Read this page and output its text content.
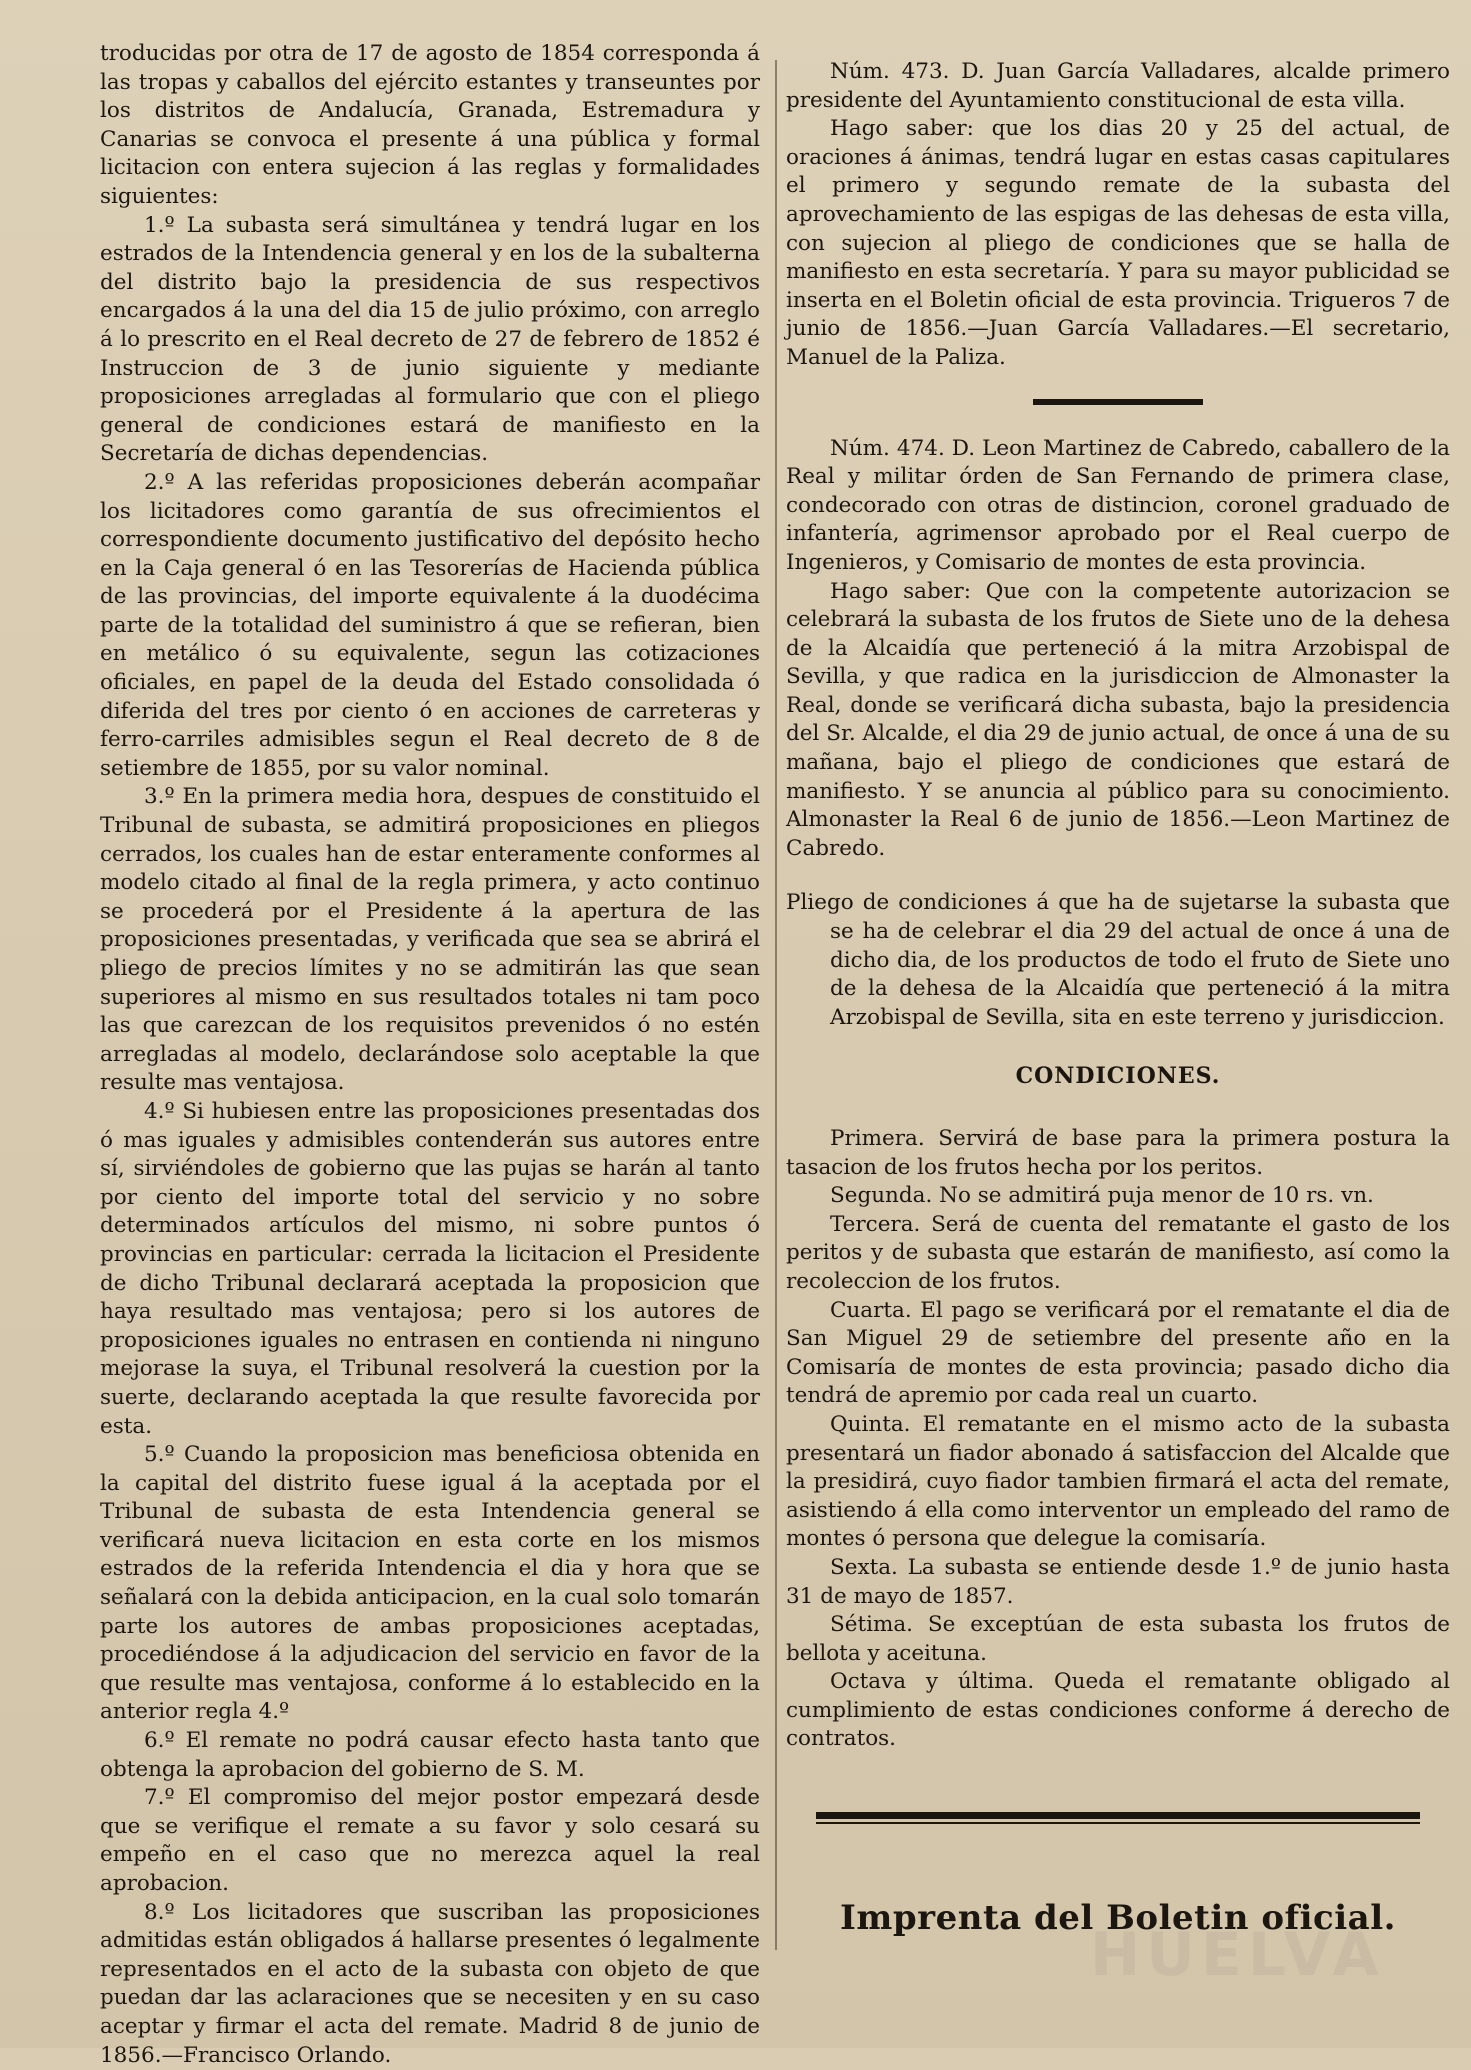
troducidas por otra de 17 de agosto de 1854 corresponda á las tropas y caballos del ejército estantes y transeuntes por los distritos de Andalucía, Granada, Estremadura y Canarias se convoca el presente á una pública y formal licitacion con entera sujecion á las reglas y formalidades siguientes:

1.º La subasta será simultánea y tendrá lugar en los estrados de la Intendencia general y en los de la subalterna del distrito bajo la presidencia de sus respectivos encargados á la una del dia 15 de julio próximo, con arreglo á lo prescrito en el Real decreto de 27 de febrero de 1852 é Instruccion de 3 de junio siguiente y mediante proposiciones arregladas al formulario que con el pliego general de condiciones estará de manifiesto en la Secretaría de dichas dependencias.

2.º A las referidas proposiciones deberán acompañar los licitadores como garantía de sus ofrecimientos el correspondiente documento justificativo del depósito hecho en la Caja general ó en las Tesorerías de Hacienda pública de las provincias, del importe equivalente á la duodécima parte de la totalidad del suministro á que se refieran, bien en metálico ó su equivalente, segun las cotizaciones oficiales, en papel de la deuda del Estado consolidada ó diferida del tres por ciento ó en acciones de carreteras y ferro-carriles admisibles segun el Real decreto de 8 de setiembre de 1855, por su valor nominal.

3.º En la primera media hora, despues de constituido el Tribunal de subasta, se admitirá proposiciones en pliegos cerrados, los cuales han de estar enteramente conformes al modelo citado al final de la regla primera, y acto continuo se procederá por el Presidente á la apertura de las proposiciones presentadas, y verificada que sea se abrirá el pliego de precios límites y no se admitirán las que sean superiores al mismo en sus resultados totales ni tam poco las que carezcan de los requisitos prevenidos ó no estén arregladas al modelo, declarándose solo aceptable la que resulte mas ventajosa.

4.º Si hubiesen entre las proposiciones presentadas dos ó mas iguales y admisibles contenderán sus autores entre sí, sirviéndoles de gobierno que las pujas se harán al tanto por ciento del importe total del servicio y no sobre determinados artículos del mismo, ni sobre puntos ó provincias en particular: cerrada la licitacion el Presidente de dicho Tribunal declarará aceptada la proposicion que haya resultado mas ventajosa; pero si los autores de proposiciones iguales no entrasen en contienda ni ninguno mejorase la suya, el Tribunal resolverá la cuestion por la suerte, declarando aceptada la que resulte favorecida por esta.

5.º Cuando la proposicion mas beneficiosa obtenida en la capital del distrito fuese igual á la aceptada por el Tribunal de subasta de esta Intendencia general se verificará nueva licitacion en esta corte en los mismos estrados de la referida Intendencia el dia y hora que se señalará con la debida anticipacion, en la cual solo tomarán parte los autores de ambas proposiciones aceptadas, procediéndose á la adjudicacion del servicio en favor de la que resulte mas ventajosa, conforme á lo establecido en la anterior regla 4.º

6.º El remate no podrá causar efecto hasta tanto que obtenga la aprobacion del gobierno de S. M.

7.º El compromiso del mejor postor empezará desde que se verifique el remate a su favor y solo cesará su empeño en el caso que no merezca aquel la real aprobacion.

8.º Los licitadores que suscriban las proposiciones admitidas están obligados á hallarse presentes ó legalmente representados en el acto de la subasta con objeto de que puedan dar las aclaraciones que se necesiten y en su caso aceptar y firmar el acta del remate. Madrid 8 de junio de 1856.—Francisco Orlando.

Núm. 473. D. Juan García Valladares, alcalde primero presidente del Ayuntamiento constitucional de esta villa.

Hago saber: que los dias 20 y 25 del actual, de oraciones á ánimas, tendrá lugar en estas casas capitulares el primero y segundo remate de la subasta del aprovechamiento de las espigas de las dehesas de esta villa, con sujecion al pliego de condiciones que se halla de manifiesto en esta secretaría. Y para su mayor publicidad se inserta en el Boletin oficial de esta provincia. Trigueros 7 de junio de 1856.—Juan García Valladares.—El secretario, Manuel de la Paliza.

Núm. 474. D. Leon Martinez de Cabredo, caballero de la Real y militar órden de San Fernando de primera clase, condecorado con otras de distincion, coronel graduado de infantería, agrimensor aprobado por el Real cuerpo de Ingenieros, y Comisario de montes de esta provincia.

Hago saber: Que con la competente autorizacion se celebrará la subasta de los frutos de Siete uno de la dehesa de la Alcaidía que perteneció á la mitra Arzobispal de Sevilla, y que radica en la jurisdiccion de Almonaster la Real, donde se verificará dicha subasta, bajo la presidencia del Sr. Alcalde, el dia 29 de junio actual, de once á una de su mañana, bajo el pliego de condiciones que estará de manifiesto. Y se anuncia al público para su conocimiento. Almonaster la Real 6 de junio de 1856.—Leon Martinez de Cabredo.

Pliego de condiciones á que ha de sujetarse la subasta que se ha de celebrar el dia 29 del actual de once á una de dicho dia, de los productos de todo el fruto de Siete uno de la dehesa de la Alcaidía que perteneció á la mitra Arzobispal de Sevilla, sita en este terreno y jurisdiccion.

CONDICIONES.

Primera. Servirá de base para la primera postura la tasacion de los frutos hecha por los peritos.

Segunda. No se admitirá puja menor de 10 rs. vn.

Tercera. Será de cuenta del rematante el gasto de los peritos y de subasta que estarán de manifiesto, así como la recoleccion de los frutos.

Cuarta. El pago se verificará por el rematante el dia de San Miguel 29 de setiembre del presente año en la Comisaría de montes de esta provincia; pasado dicho dia tendrá de apremio por cada real un cuarto.

Quinta. El rematante en el mismo acto de la subasta presentará un fiador abonado á satisfaccion del Alcalde que la presidirá, cuyo fiador tambien firmará el acta del remate, asistiendo á ella como interventor un empleado del ramo de montes ó persona que delegue la comisaría.

Sexta. La subasta se entiende desde 1.º de junio hasta 31 de mayo de 1857.

Sétima. Se exceptúan de esta subasta los frutos de bellota y aceituna.

Octava y última. Queda el rematante obligado al cumplimiento de estas condiciones conforme á derecho de contratos.

Imprenta del Boletin oficial.
HUELVA
